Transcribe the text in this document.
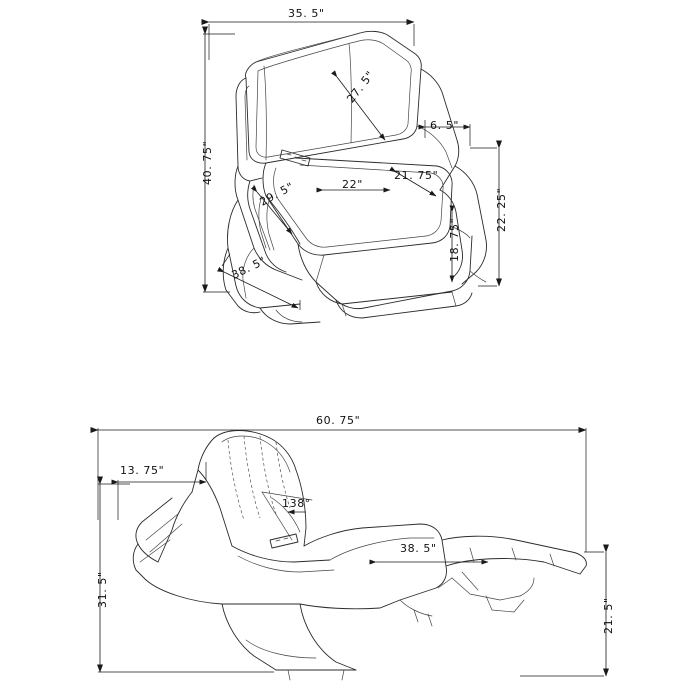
35. 5"
40. 75"
27. 5"
6. 5"
22"
21. 75"
22. 25"
18. 75"
29. 5"
38. 5"
60. 75"
13. 75"
138°
38. 5"
31. 5"
21. 5"
